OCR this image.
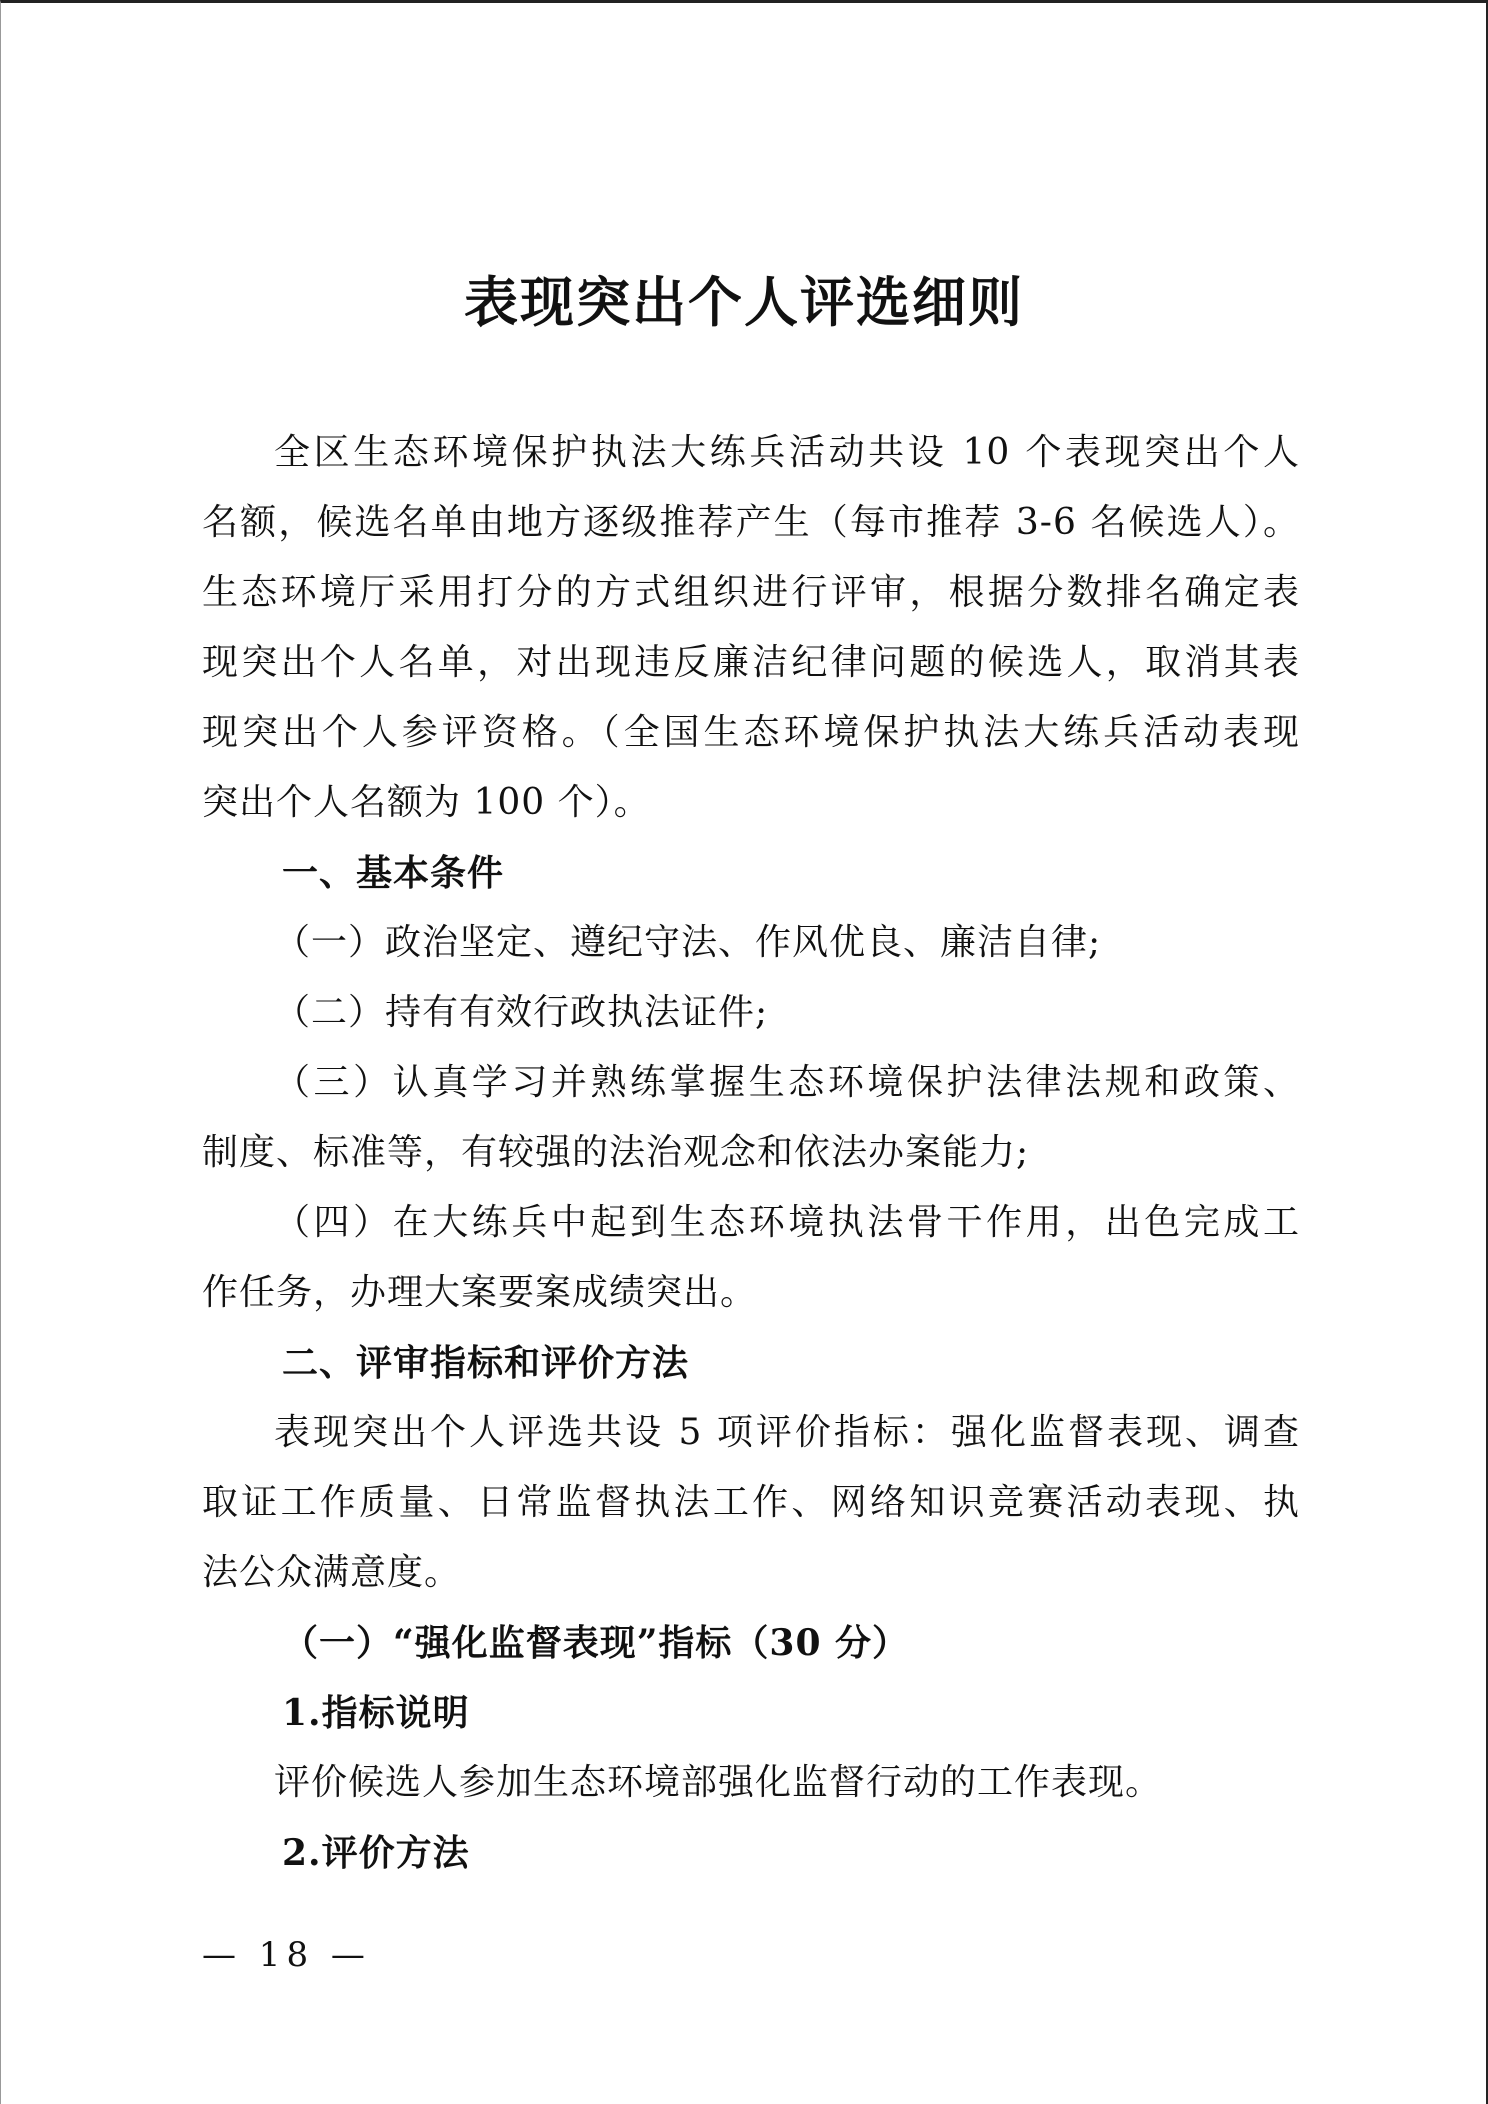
表现突出个人评选细则
全区生态环境保护执法大练兵活动共设 10 个表现突出个人
名额，候选名单由地方逐级推荐产生（每市推荐 3-6 名候选人）。
生态环境厅采用打分的方式组织进行评审，根据分数排名确定表
现突出个人名单，对出现违反廉洁纪律问题的候选人，取消其表
现突出个人参评资格。（全国生态环境保护执法大练兵活动表现
突出个人名额为 100 个）。
一、基本条件
（一）政治坚定、遵纪守法、作风优良、廉洁自律;
（二）持有有效行政执法证件;
（三）认真学习并熟练掌握生态环境保护法律法规和政策、
制度、标准等，有较强的法治观念和依法办案能力;
（四）在大练兵中起到生态环境执法骨干作用，出色完成工
作任务，办理大案要案成绩突出。
二、评审指标和评价方法
表现突出个人评选共设 5 项评价指标：强化监督表现、调查
取证工作质量、日常监督执法工作、网络知识竞赛活动表现、执
法公众满意度。
（一）“强化监督表现”指标（30 分）
1.指标说明
评价候选人参加生态环境部强化监督行动的工作表现。
2.评价方法
— 18 —
